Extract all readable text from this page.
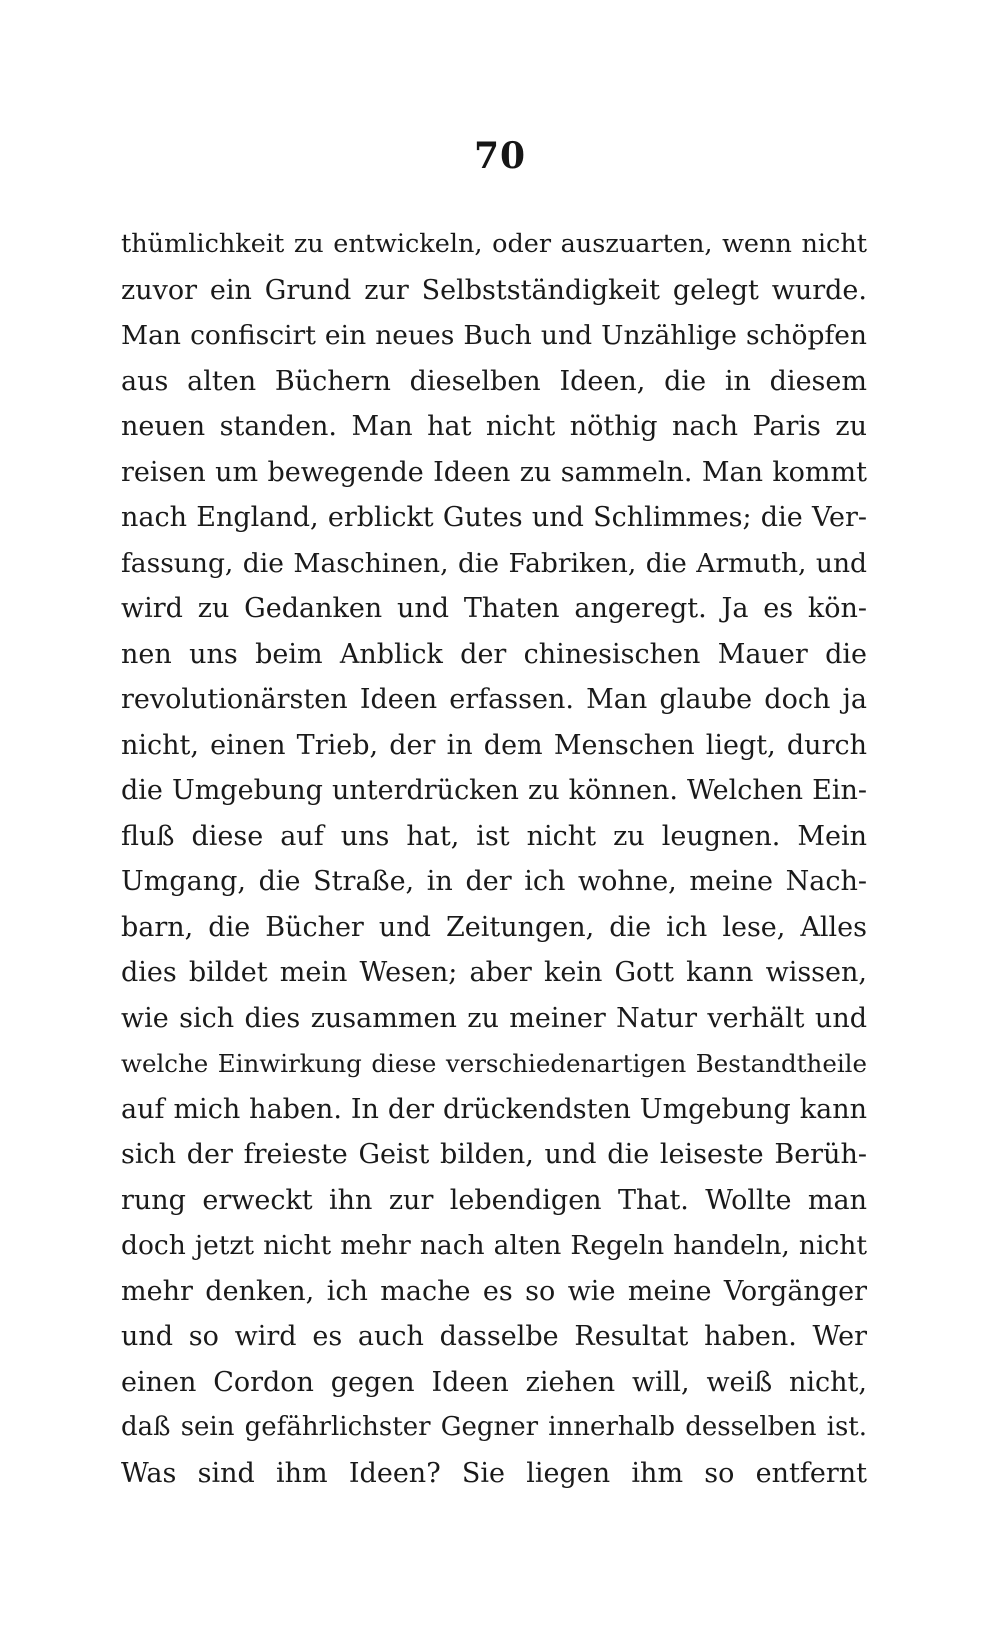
70
thümlichkeit zu entwickeln, oder auszuarten, wenn nicht
zuvor ein Grund zur Selbstständigkeit gelegt wurde.
Man confiscirt ein neues Buch und Unzählige schöpfen
aus alten Büchern dieselben Ideen, die in diesem
neuen standen. Man hat nicht nöthig nach Paris zu
reisen um bewegende Ideen zu sammeln. Man kommt
nach England, erblickt Gutes und Schlimmes; die Ver-
fassung, die Maschinen, die Fabriken, die Armuth, und
wird zu Gedanken und Thaten angeregt. Ja es kön-
nen uns beim Anblick der chinesischen Mauer die
revolutionärsten Ideen erfassen. Man glaube doch ja
nicht, einen Trieb, der in dem Menschen liegt, durch
die Umgebung unterdrücken zu können. Welchen Ein-
fluß diese auf uns hat, ist nicht zu leugnen. Mein
Umgang, die Straße, in der ich wohne, meine Nach-
barn, die Bücher und Zeitungen, die ich lese, Alles
dies bildet mein Wesen; aber kein Gott kann wissen,
wie sich dies zusammen zu meiner Natur verhält und
welche Einwirkung diese verschiedenartigen Bestandtheile
auf mich haben. In der drückendsten Umgebung kann
sich der freieste Geist bilden, und die leiseste Berüh-
rung erweckt ihn zur lebendigen That. Wollte man
doch jetzt nicht mehr nach alten Regeln handeln, nicht
mehr denken, ich mache es so wie meine Vorgänger
und so wird es auch dasselbe Resultat haben. Wer
einen Cordon gegen Ideen ziehen will, weiß nicht,
daß sein gefährlichster Gegner innerhalb desselben ist.
Was sind ihm Ideen? Sie liegen ihm so entfernt
